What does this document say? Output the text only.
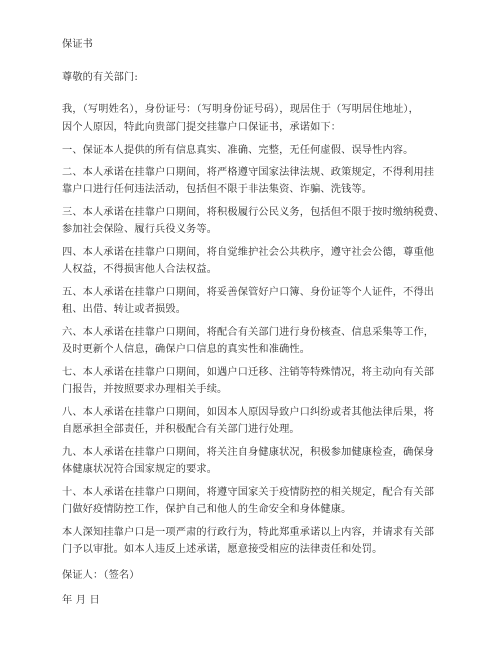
保证书
尊敬的有关部门:
我，（写明姓名），身份证号：（写明身份证号码），现居住于（写明居住地址），
因个人原因，特此向贵部门提交挂靠户口保证书，承诺如下：
一、保证本人提供的所有信息真实、准确、完整，无任何虚假、误导性内容。
二、本人承诺在挂靠户口期间，将严格遵守国家法律法规、政策规定，不得利用挂
靠户口进行任何违法活动，包括但不限于非法集资、诈骗、洗钱等。
三、本人承诺在挂靠户口期间，将积极履行公民义务，包括但不限于按时缴纳税费、
参加社会保险、履行兵役义务等。
四、本人承诺在挂靠户口期间，将自觉维护社会公共秩序，遵守社会公德，尊重他
人权益，不得损害他人合法权益。
五、本人承诺在挂靠户口期间，将妥善保管好户口簿、身份证等个人证件，不得出
租、出借、转让或者损毁。
六、本人承诺在挂靠户口期间，将配合有关部门进行身份核查、信息采集等工作，
及时更新个人信息，确保户口信息的真实性和准确性。
七、本人承诺在挂靠户口期间，如遇户口迁移、注销等特殊情况，将主动向有关部
门报告，并按照要求办理相关手续。
八、本人承诺在挂靠户口期间，如因本人原因导致户口纠纷或者其他法律后果，将
自愿承担全部责任，并积极配合有关部门进行处理。
九、本人承诺在挂靠户口期间，将关注自身健康状况，积极参加健康检查，确保身
体健康状况符合国家规定的要求。
十、本人承诺在挂靠户口期间，将遵守国家关于疫情防控的相关规定，配合有关部
门做好疫情防控工作，保护自己和他人的生命安全和身体健康。
本人深知挂靠户口是一项严肃的行政行为，特此郑重承诺以上内容，并请求有关部
门予以审批。如本人违反上述承诺，愿意接受相应的法律责任和处罚。
保证人：（签名）
年 月 日
